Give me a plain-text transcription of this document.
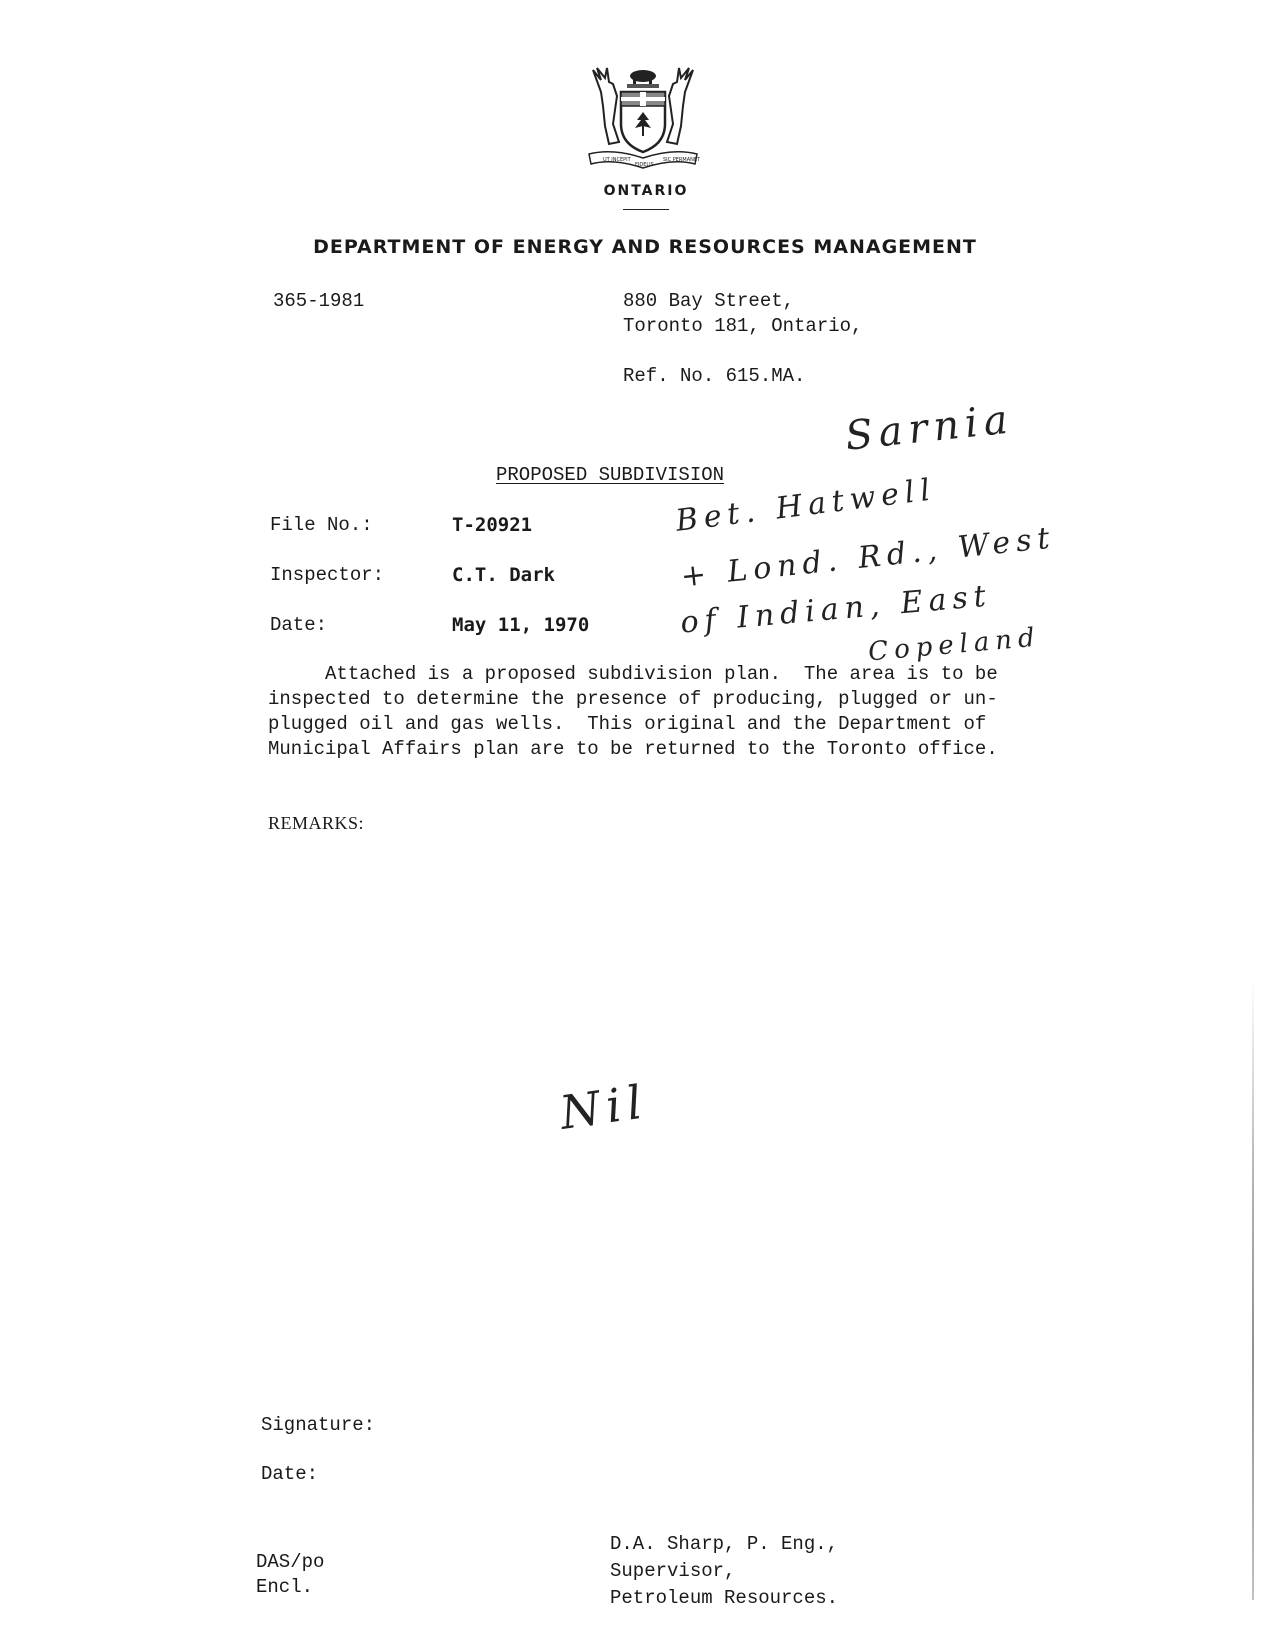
UT INCEPIT
FIDELIS
SIC PERMANET
ONTARIO
DEPARTMENT OF ENERGY AND RESOURCES MANAGEMENT
365-1981	880 Bay Street,
Toronto 181, Ontario,
Ref. No. 615.MA.
PROPOSED SUBDIVISION
File No.:	T-20921
Inspector:	C.T. Dark
Date:	May 11, 1970
Attached is a proposed subdivision plan.  The area is to be
inspected to determine the presence of producing, plugged or un-
plugged oil and gas wells.  This original and the Department of
Municipal Affairs plan are to be returned to the Toronto office.
REMARKS:
Sarnia
Bet. Hatwell
+ Lond. Rd., West
of Indian, East
Copeland
Nil
Signature:
Date:
DAS/po
Encl.
D.A. Sharp, P. Eng.,
Supervisor,
Petroleum Resources.
